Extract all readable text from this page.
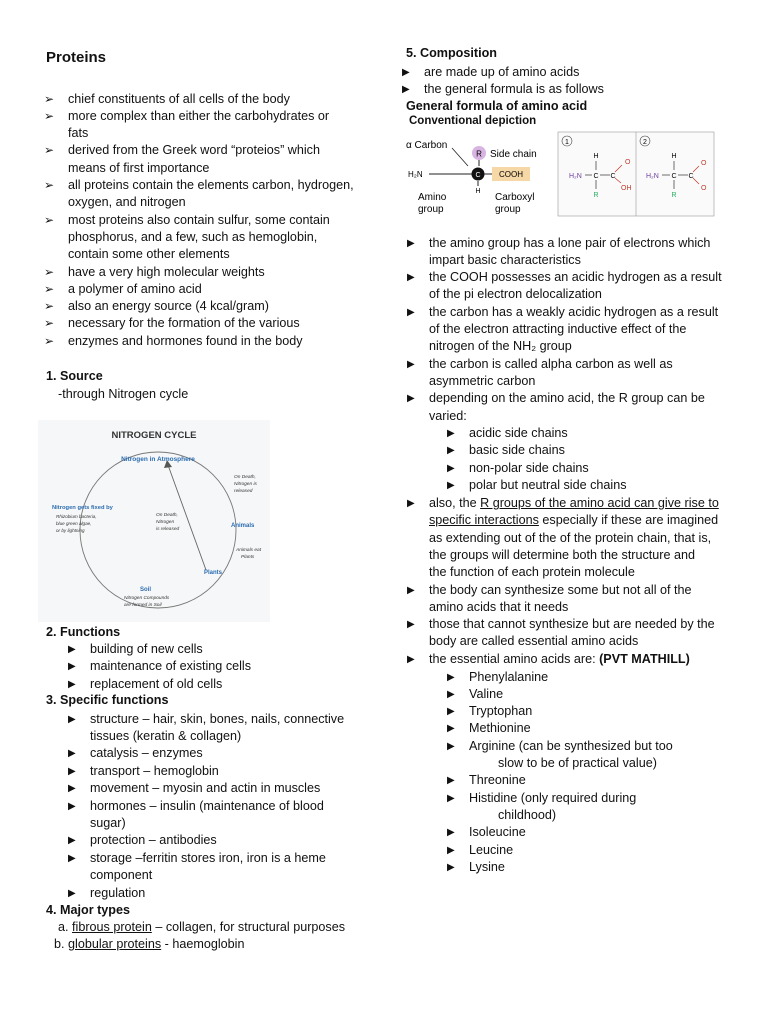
Proteins
➢ chief constituents of all cells of the body
➢ more complex than either the carbohydrates or
fats
➢ derived from the Greek word “proteios” which
means of first importance
➢ all proteins contain the elements carbon, hydrogen,
oxygen, and nitrogen
➢ most proteins also contain sulfur, some contain
phosphorus, and a few, such as hemoglobin,
contain some other elements
➢ have a very high molecular weights
➢ a polymer of amino acid
➢ also an energy source (4 kcal/gram)
➢ necessary for the formation of the various
➢ enzymes and hormones found in the body
1. Source
-through Nitrogen cycle
NITROGEN CYCLE
Nitrogen in Atmosphere
Nitrogen gets fixed by
Rhizobium bacteria,
blue green algae,
or by lightning
On Death,
Nitrogen is
released
On Death,
Nitrogen
is released
Animals
Animals eat
Plants
Plants
Soil
Nitrogen Compounds
are formed in Soil
2. Functions
▶ building of new cells
▶ maintenance of existing cells
▶ replacement of old cells
3. Specific functions
▶ structure – hair, skin, bones, nails, connective
tissues (keratin & collagen)
▶ catalysis – enzymes
▶ transport – hemoglobin
▶ movement – myosin and actin in muscles
▶ hormones – insulin (maintenance of blood
sugar)
▶ protection – antibodies
▶ storage –ferritin stores iron, iron is a heme
component
▶ regulation
4. Major types
a. fibrous protein – collagen, for structural purposes
b. globular proteins - haemoglobin
5. Composition
▶ are made up of amino acids
▶ the general formula is as follows
General formula of amino acid
Conventional depiction
α Carbon
R Side chain
H₂N	C COOH
H
Amino
group
Carboxyl
group
1	2
H
H₂N C C
O
OH
R
H
H₂N C C
O
O
R
▶ the amino group has a lone pair of electrons which
impart basic characteristics
▶ the COOH possesses an acidic hydrogen as a result
of the pi electron delocalization
▶ the carbon has a weakly acidic hydrogen as a result
of the electron attracting inductive effect of the
nitrogen of the NH₂ group
▶ the carbon is called alpha carbon as well as
asymmetric carbon
▶ depending on the amino acid, the R group can be
varied:
▶ acidic side chains
▶ basic side chains
▶ non-polar side chains
▶ polar but neutral side chains
▶ also, the R groups of the amino acid can give rise to
specific interactions especially if these are imagined
as extending out of the of the protein chain, that is,
the groups will determine both the structure and
the function of each protein molecule
▶ the body can synthesize some but not all of the
amino acids that it needs
▶ those that cannot synthesize but are needed by the
body are called essential amino acids
▶ the essential amino acids are: (PVT MATHILL)
▶ Phenylalanine
▶ Valine
▶ Tryptophan
▶ Methionine
▶ Arginine (can be synthesized but too
slow to be of practical value)
▶ Threonine
▶ Histidine (only required during
childhood)
▶ Isoleucine
▶ Leucine
▶ Lysine
